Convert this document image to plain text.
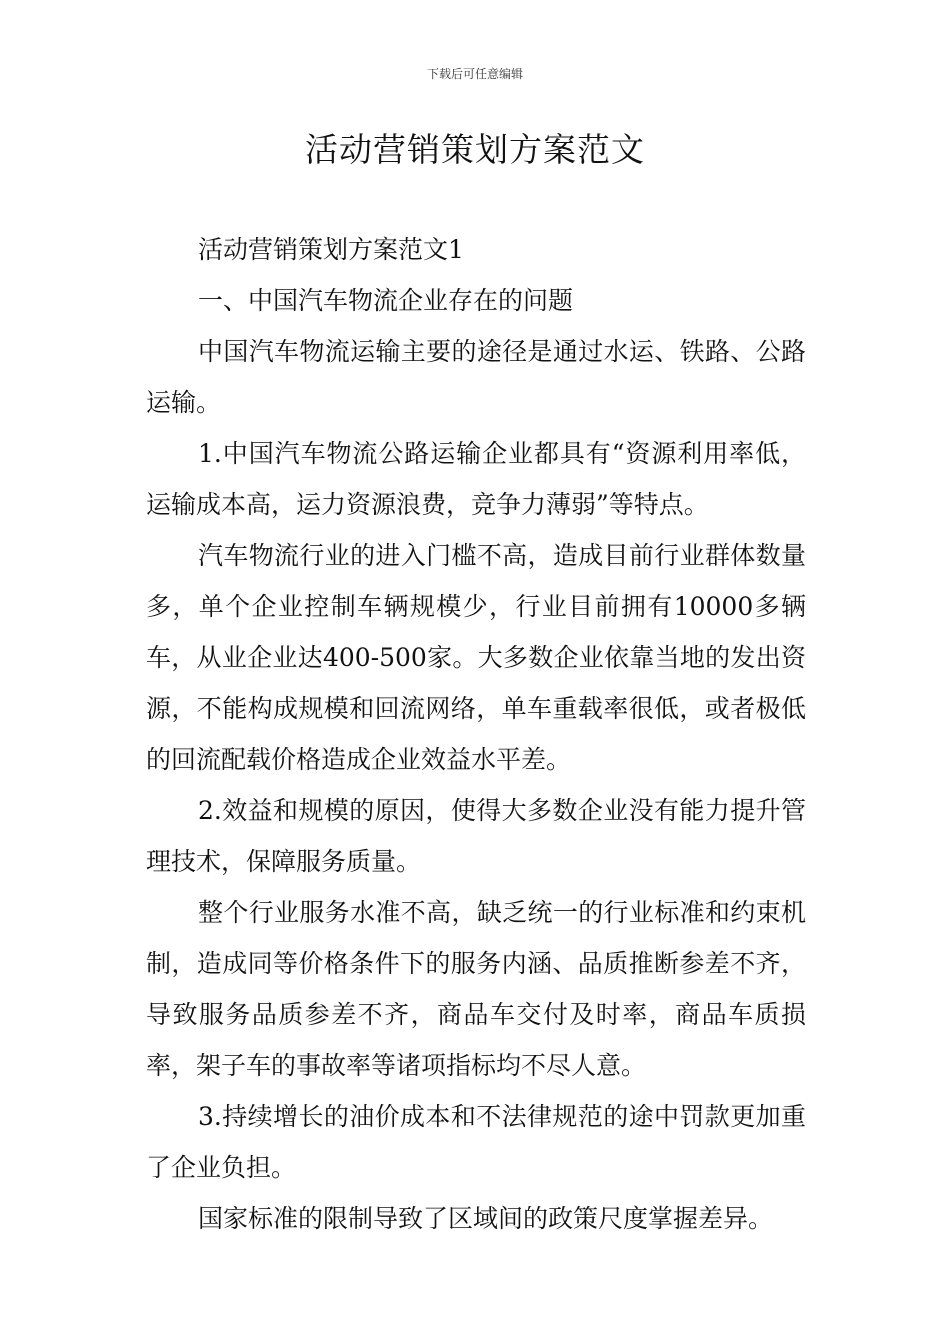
下载后可任意编辑
活动营销策划方案范文

活动营销策划方案范文1

一、中国汽车物流企业存在的问题

中国汽车物流运输主要的途径是通过水运、铁路、公路运输。

1.中国汽车物流公路运输企业都具有“资源利用率低，运输成本高，运力资源浪费，竞争力薄弱”等特点。

汽车物流行业的进入门槛不高，造成目前行业群体数量多，单个企业控制车辆规模少，行业目前拥有10000多辆车，从业企业达400-500家。大多数企业依靠当地的发出资源，不能构成规模和回流网络，单车重载率很低，或者极低的回流配载价格造成企业效益水平差。

2.效益和规模的原因，使得大多数企业没有能力提升管理技术，保障服务质量。

整个行业服务水准不高，缺乏统一的行业标准和约束机制，造成同等价格条件下的服务内涵、品质推断参差不齐，导致服务品质参差不齐，商品车交付及时率，商品车质损率，架子车的事故率等诸项指标均不尽人意。

3.持续增长的油价成本和不法律规范的途中罚款更加重了企业负担。

国家标准的限制导致了区域间的政策尺度掌握差异。
